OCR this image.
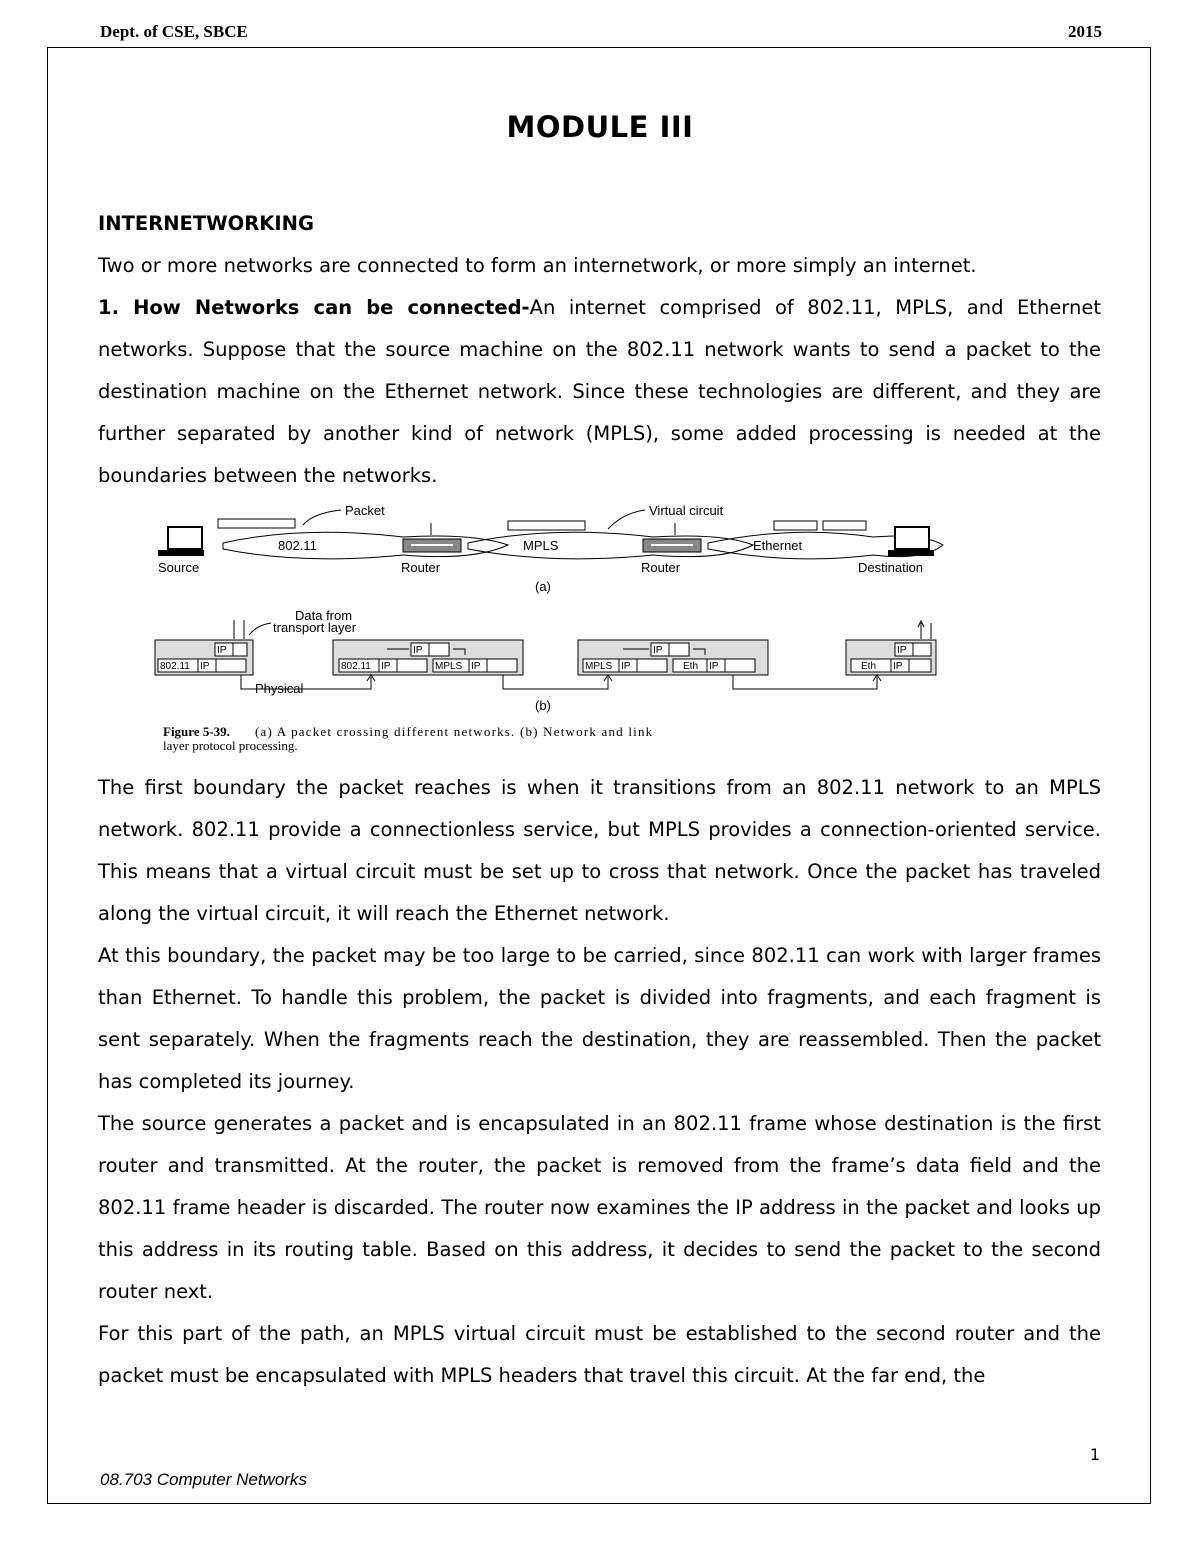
Dept. of CSE, SBCE	2015
MODULE III

INTERNETWORKING

Two or more networks are connected to form an internetwork, or more simply an internet.

1. How Networks can be connected-An internet comprised of 802.11, MPLS, and Ethernet networks. Suppose that the source machine on the 802.11 network wants to send a packet to the destination machine on the Ethernet network. Since these technologies are different, and they are further separated by another kind of network (MPLS), some added processing is needed at the boundaries between the networks.

Packet	Virtual circuit
802.11	MPLS	Ethernet
Source	Router	Router	Destination
(a)
Data from
transport layer
IP
802.11 IP
IP
802.11 IP	MPLS IP
IP
MPLS IP	Eth IP
IP
Eth IP
Physical
(b)
Figure 5-39. (a) A packet crossing different networks. (b) Network and link
layer protocol processing.

The first boundary the packet reaches is when it transitions from an 802.11 network to an MPLS network. 802.11 provide a connectionless service, but MPLS provides a connection-oriented service. This means that a virtual circuit must be set up to cross that network. Once the packet has traveled along the virtual circuit, it will reach the Ethernet network.

At this boundary, the packet may be too large to be carried, since 802.11 can work with larger frames than Ethernet. To handle this problem, the packet is divided into fragments, and each fragment is sent separately. When the fragments reach the destination, they are reassembled. Then the packet has completed its journey.

The source generates a packet and is encapsulated in an 802.11 frame whose destination is the first router and transmitted. At the router, the packet is removed from the frame’s data field and the 802.11 frame header is discarded. The router now examines the IP address in the packet and looks up this address in its routing table. Based on this address, it decides to send the packet to the second router next.

For this part of the path, an MPLS virtual circuit must be established to the second router and the packet must be encapsulated with MPLS headers that travel this circuit. At the far end, the

1
08.703 Computer Networks
